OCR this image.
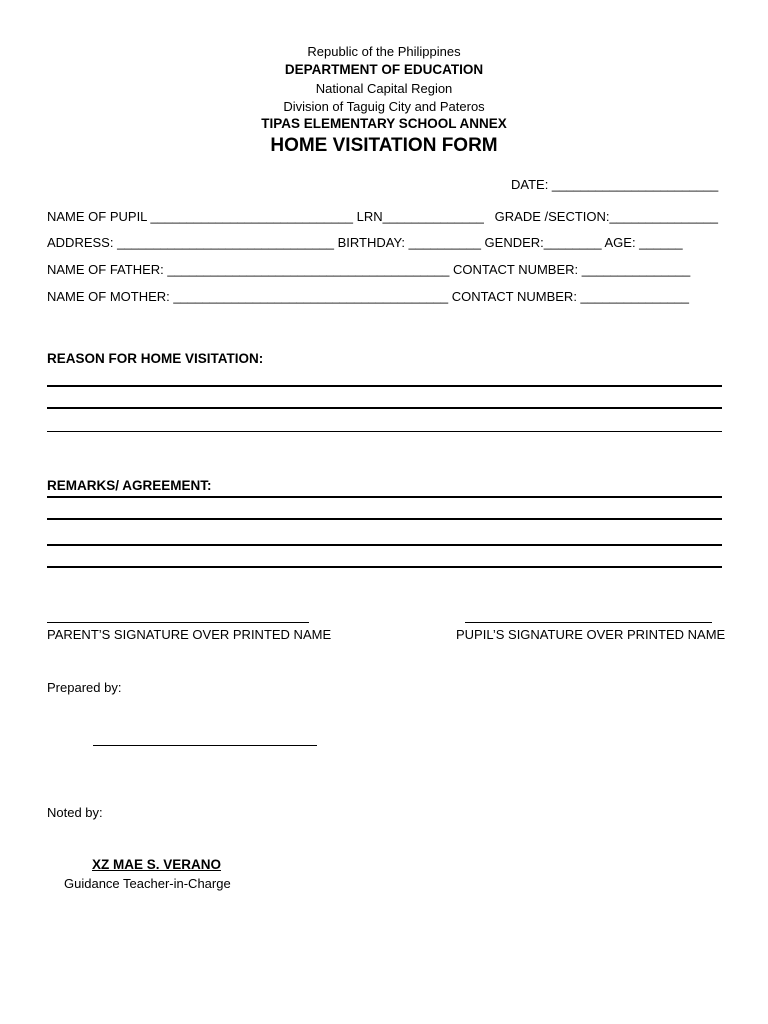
Republic of the Philippines
DEPARTMENT OF EDUCATION
National Capital Region
Division of Taguig City and Pateros
TIPAS ELEMENTARY SCHOOL ANNEX
HOME VISITATION FORM
DATE: _______________________
NAME OF PUPIL ____________________________ LRN______________   GRADE /SECTION:_______________
ADDRESS: ______________________________ BIRTHDAY: __________ GENDER:________ AGE: ______
NAME OF FATHER: _______________________________________ CONTACT NUMBER: _______________
NAME OF MOTHER: ______________________________________ CONTACT NUMBER: _______________
REASON FOR HOME VISITATION:
REMARKS/ AGREEMENT:
PARENT’S SIGNATURE OVER PRINTED NAME	PUPIL’S SIGNATURE OVER PRINTED NAME
Prepared by:
Noted by:
XZ MAE S. VERANO
Guidance Teacher-in-Charge
